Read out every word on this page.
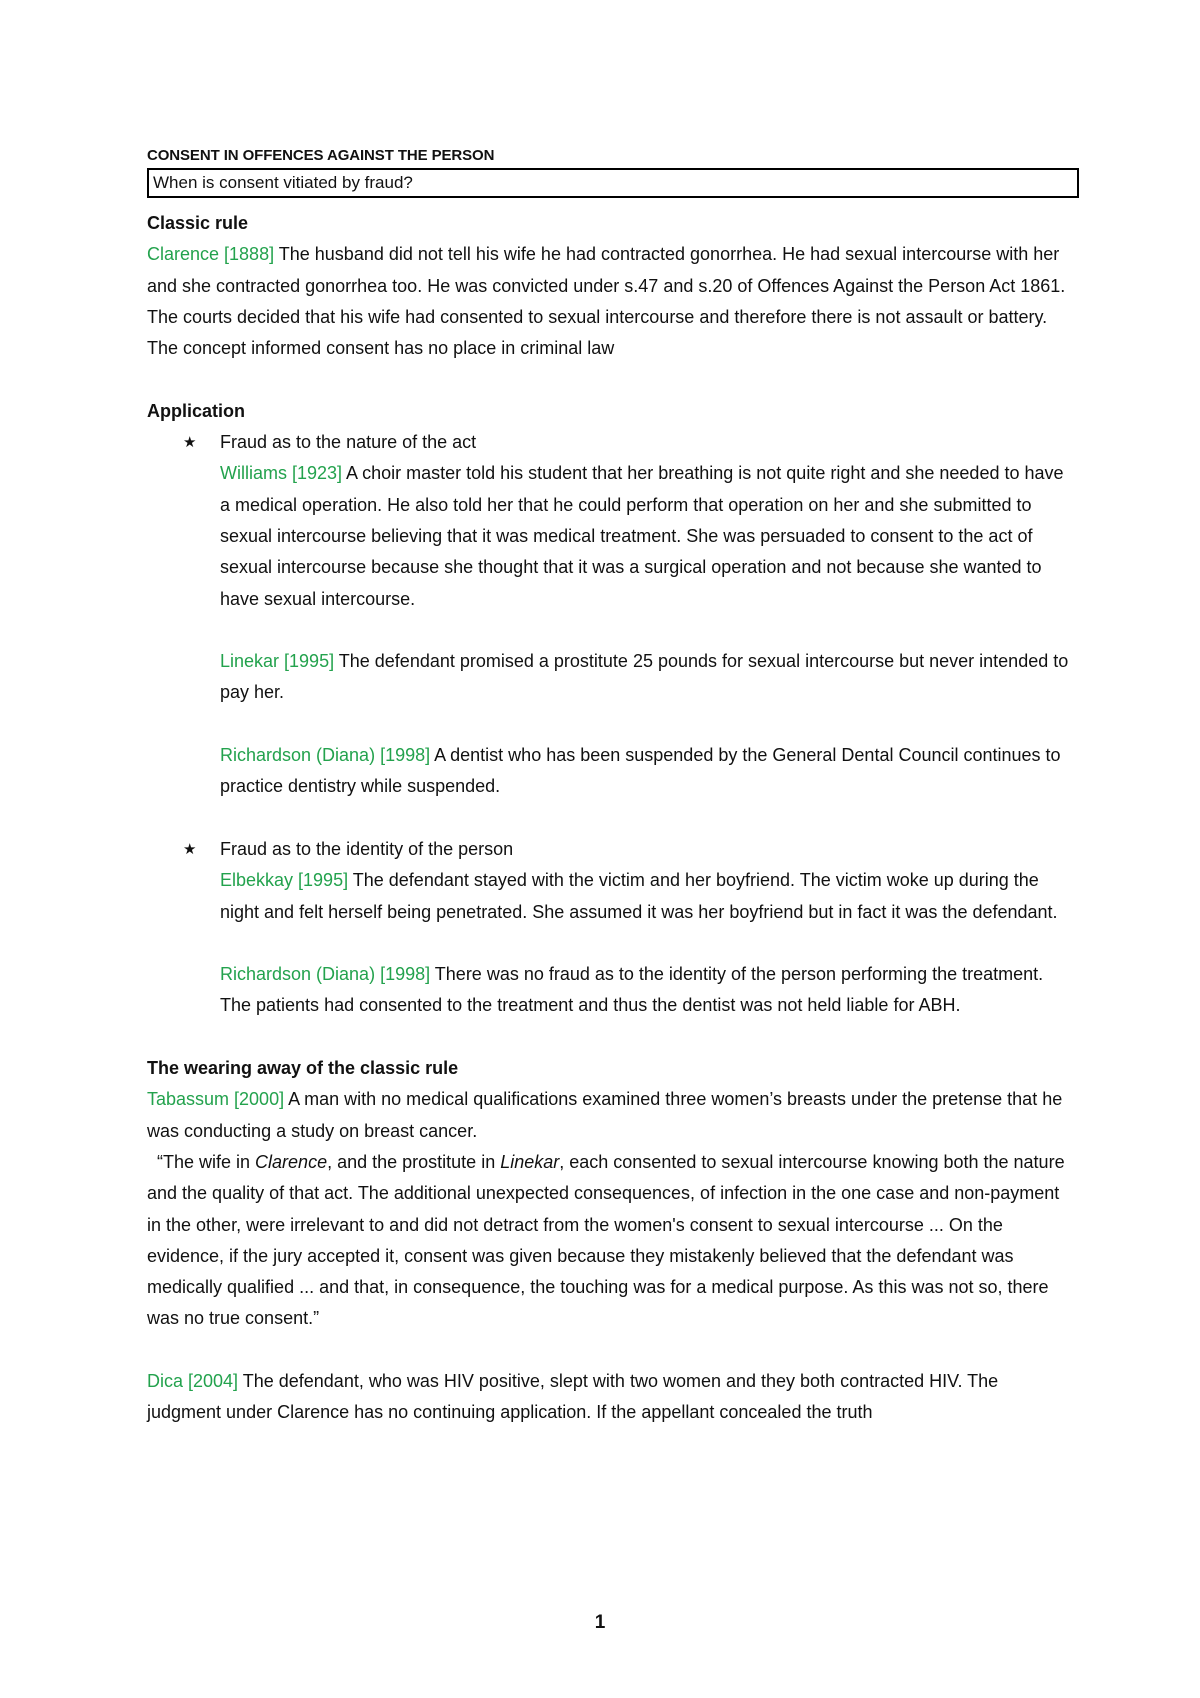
CONSENT IN OFFENCES AGAINST THE PERSON
When is consent vitiated by fraud?
Classic rule

Clarence [1888] The husband did not tell his wife he had contracted gonorrhea. He had sexual intercourse with her and she contracted gonorrhea too. He was convicted under s.47 and s.20 of Offences Against the Person Act 1861. The courts decided that his wife had consented to sexual intercourse and therefore there is not assault or battery. The concept informed consent has no place in criminal law

Application
★ Fraud as to the nature of the act

Williams [1923] A choir master told his student that her breathing is not quite right and she needed to have a medical operation. He also told her that he could perform that operation on her and she submitted to sexual intercourse believing that it was medical treatment. She was persuaded to consent to the act of sexual intercourse because she thought that it was a surgical operation and not because she wanted to have sexual intercourse.

Linekar [1995] The defendant promised a prostitute 25 pounds for sexual intercourse but never intended to pay her.

Richardson (Diana) [1998] A dentist who has been suspended by the General Dental Council continues to practice dentistry while suspended.

★ Fraud as to the identity of the person

Elbekkay [1995] The defendant stayed with the victim and her boyfriend. The victim woke up during the night and felt herself being penetrated. She assumed it was her boyfriend but in fact it was the defendant.

Richardson (Diana) [1998] There was no fraud as to the identity of the person performing the treatment. The patients had consented to the treatment and thus the dentist was not held liable for ABH.

The wearing away of the classic rule

Tabassum [2000] A man with no medical qualifications examined three women’s breasts under the pretense that he was conducting a study on breast cancer.

“The wife in Clarence, and the prostitute in Linekar, each consented to sexual intercourse knowing both the nature and the quality of that act. The additional unexpected consequences, of infection in the one case and non-payment in the other, were irrelevant to and did not detract from the women's consent to sexual intercourse ... On the evidence, if the jury accepted it, consent was given because they mistakenly believed that the defendant was medically qualified ... and that, in consequence, the touching was for a medical purpose. As this was not so, there was no true consent.”

Dica [2004] The defendant, who was HIV positive, slept with two women and they both contracted HIV. The judgment under Clarence has no continuing application. If the appellant concealed the truth

1
